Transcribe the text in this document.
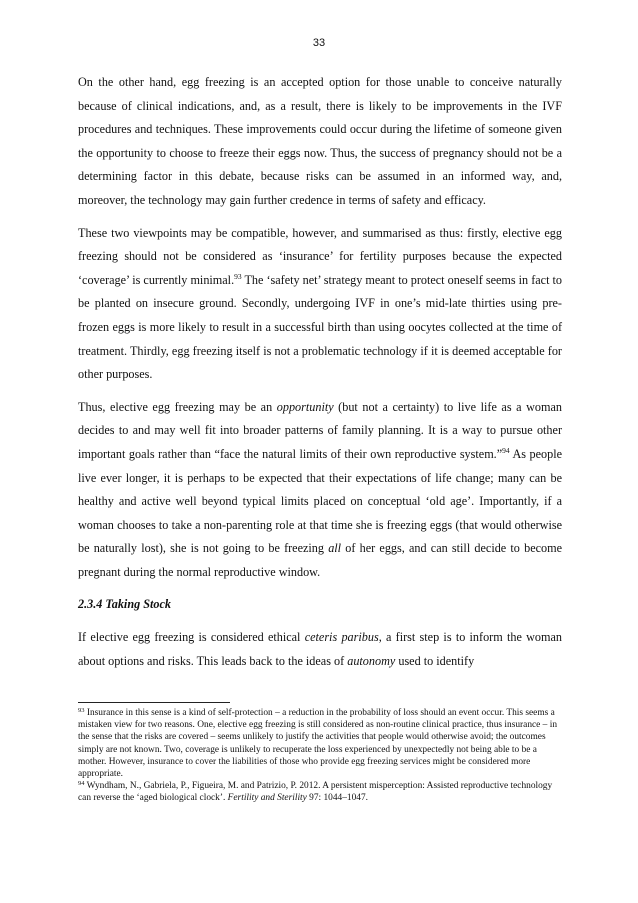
33

On the other hand, egg freezing is an accepted option for those unable to conceive naturally because of clinical indications, and, as a result, there is likely to be improvements in the IVF procedures and techniques. These improvements could occur during the lifetime of someone given the opportunity to choose to freeze their eggs now. Thus, the success of pregnancy should not be a determining factor in this debate, because risks can be assumed in an informed way, and, moreover, the technology may gain further credence in terms of safety and efficacy.

These two viewpoints may be compatible, however, and summarised as thus: firstly, elective egg freezing should not be considered as ‘insurance’ for fertility purposes because the expected ‘coverage’ is currently minimal.$^{93}$ The ‘safety net’ strategy meant to protect oneself seems in fact to be planted on insecure ground. Secondly, undergoing IVF in one’s mid-late thirties using pre-frozen eggs is more likely to result in a successful birth than using oocytes collected at the time of treatment. Thirdly, egg freezing itself is not a problematic technology if it is deemed acceptable for other purposes.

Thus, elective egg freezing may be an opportunity (but not a certainty) to live life as a woman decides to and may well fit into broader patterns of family planning. It is a way to pursue other important goals rather than “face the natural limits of their own reproductive system.”$^{94}$ As people live ever longer, it is perhaps to be expected that their expectations of life change; many can be healthy and active well beyond typical limits placed on conceptual ‘old age’. Importantly, if a woman chooses to take a non-parenting role at that time she is freezing eggs (that would otherwise be naturally lost), she is not going to be freezing all of her eggs, and can still decide to become pregnant during the normal reproductive window.

2.3.4 Taking Stock

If elective egg freezing is considered ethical ceteris paribus, a first step is to inform the woman about options and risks. This leads back to the ideas of autonomy used to identify

$^{93}$ Insurance in this sense is a kind of self-protection – a reduction in the probability of loss should an event occur. This seems a mistaken view for two reasons. One, elective egg freezing is still considered as non-routine clinical practice, thus insurance – in the sense that the risks are covered – seems unlikely to justify the activities that people would otherwise avoid; the outcomes simply are not known. Two, coverage is unlikely to recuperate the loss experienced by unexpectedly not being able to be a mother. However, insurance to cover the liabilities of those who provide egg freezing services might be considered more appropriate.

$^{94}$ Wyndham, N., Gabriela, P., Figueira, M. and Patrizio, P. 2012. A persistent misperception: Assisted reproductive technology can reverse the ‘aged biological clock’. Fertility and Sterility 97: 1044–1047.
